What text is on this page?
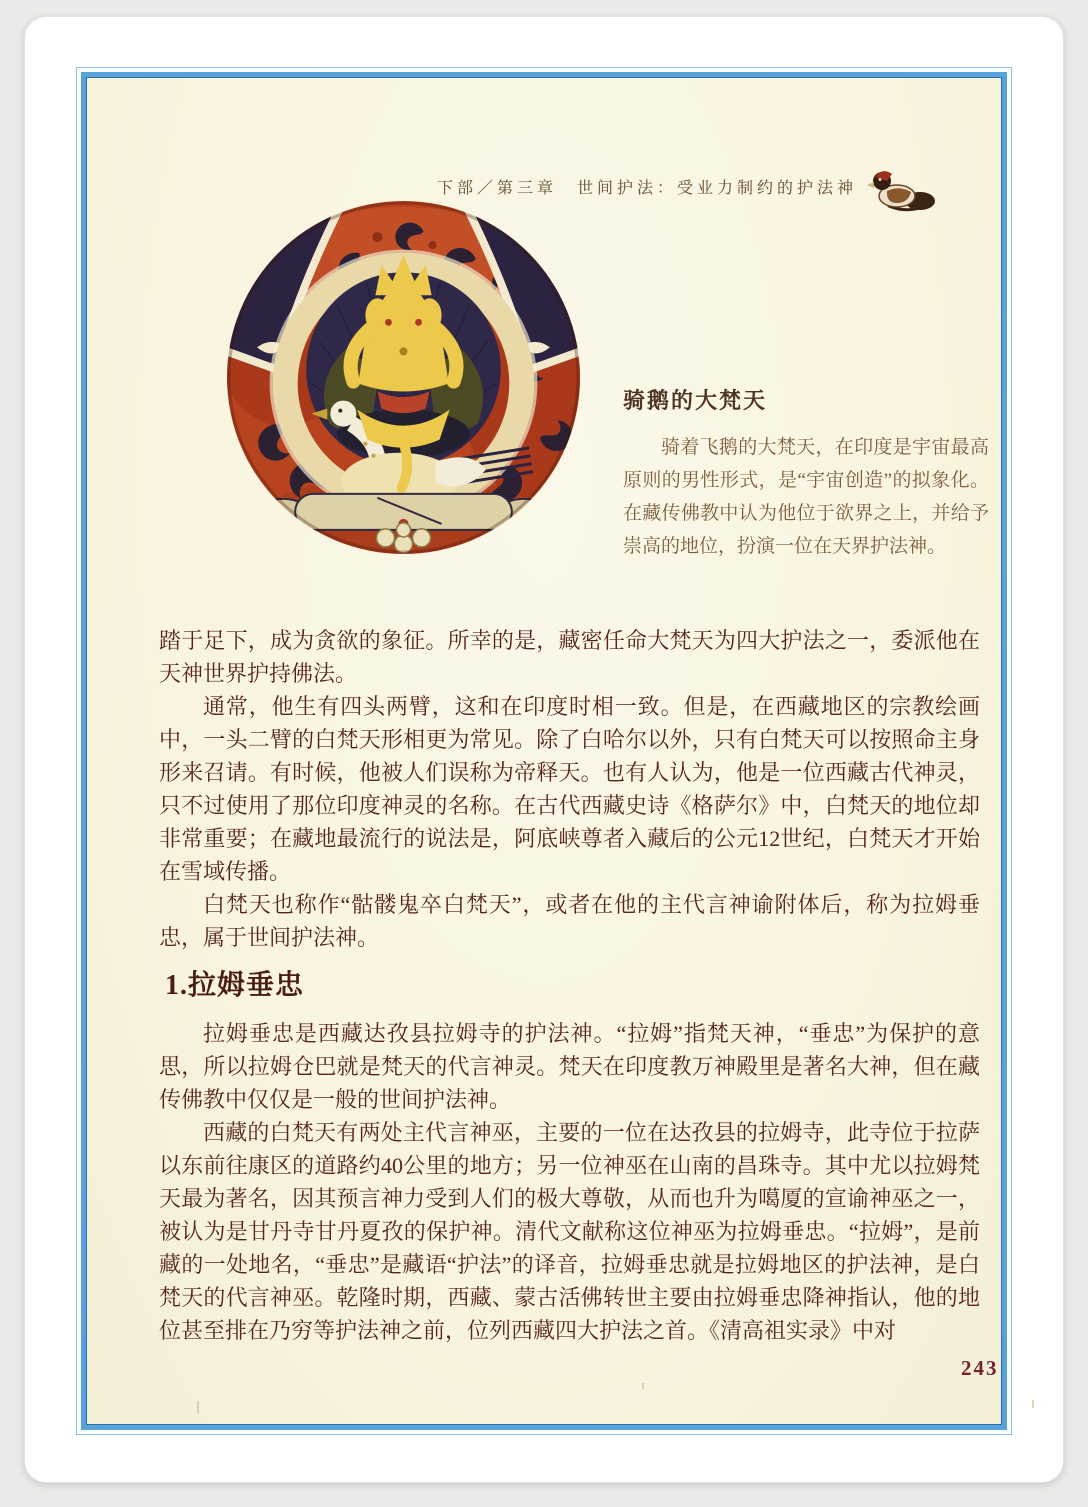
下部／第三章　世间护法：受业力制约的护法神
骑鹅的大梵天

骑着飞鹅的大梵天，在印度是宇宙最高原则的男性形式，是“宇宙创造”的拟象化。在藏传佛教中认为他位于欲界之上，并给予崇高的地位，扮演一位在天界护法神。

踏于足下，成为贪欲的象征。所幸的是，藏密任命大梵天为四大护法之一，委派他在天神世界护持佛法。

通常，他生有四头两臂，这和在印度时相一致。但是，在西藏地区的宗教绘画中，一头二臂的白梵天形相更为常见。除了白哈尔以外，只有白梵天可以按照命主身形来召请。有时候，他被人们误称为帝释天。也有人认为，他是一位西藏古代神灵，只不过使用了那位印度神灵的名称。在古代西藏史诗《格萨尔》中，白梵天的地位却非常重要；在藏地最流行的说法是，阿底峡尊者入藏后的公元12世纪，白梵天才开始在雪域传播。

白梵天也称作“骷髅鬼卒白梵天”，或者在他的主代言神谕附体后，称为拉姆垂忠，属于世间护法神。

1.拉姆垂忠

拉姆垂忠是西藏达孜县拉姆寺的护法神。“拉姆”指梵天神，“垂忠”为保护的意思，所以拉姆仓巴就是梵天的代言神灵。梵天在印度教万神殿里是著名大神，但在藏传佛教中仅仅是一般的世间护法神。

西藏的白梵天有两处主代言神巫，主要的一位在达孜县的拉姆寺，此寺位于拉萨以东前往康区的道路约40公里的地方；另一位神巫在山南的昌珠寺。其中尤以拉姆梵天最为著名，因其预言神力受到人们的极大尊敬，从而也升为噶厦的宣谕神巫之一，被认为是甘丹寺甘丹夏孜的保护神。清代文献称这位神巫为拉姆垂忠。“拉姆”，是前藏的一处地名，“垂忠”是藏语“护法”的译音，拉姆垂忠就是拉姆地区的护法神，是白梵天的代言神巫。乾隆时期，西藏、蒙古活佛转世主要由拉姆垂忠降神指认，他的地位甚至排在乃穷等护法神之前，位列西藏四大护法之首。《清高祖实录》中对

243
